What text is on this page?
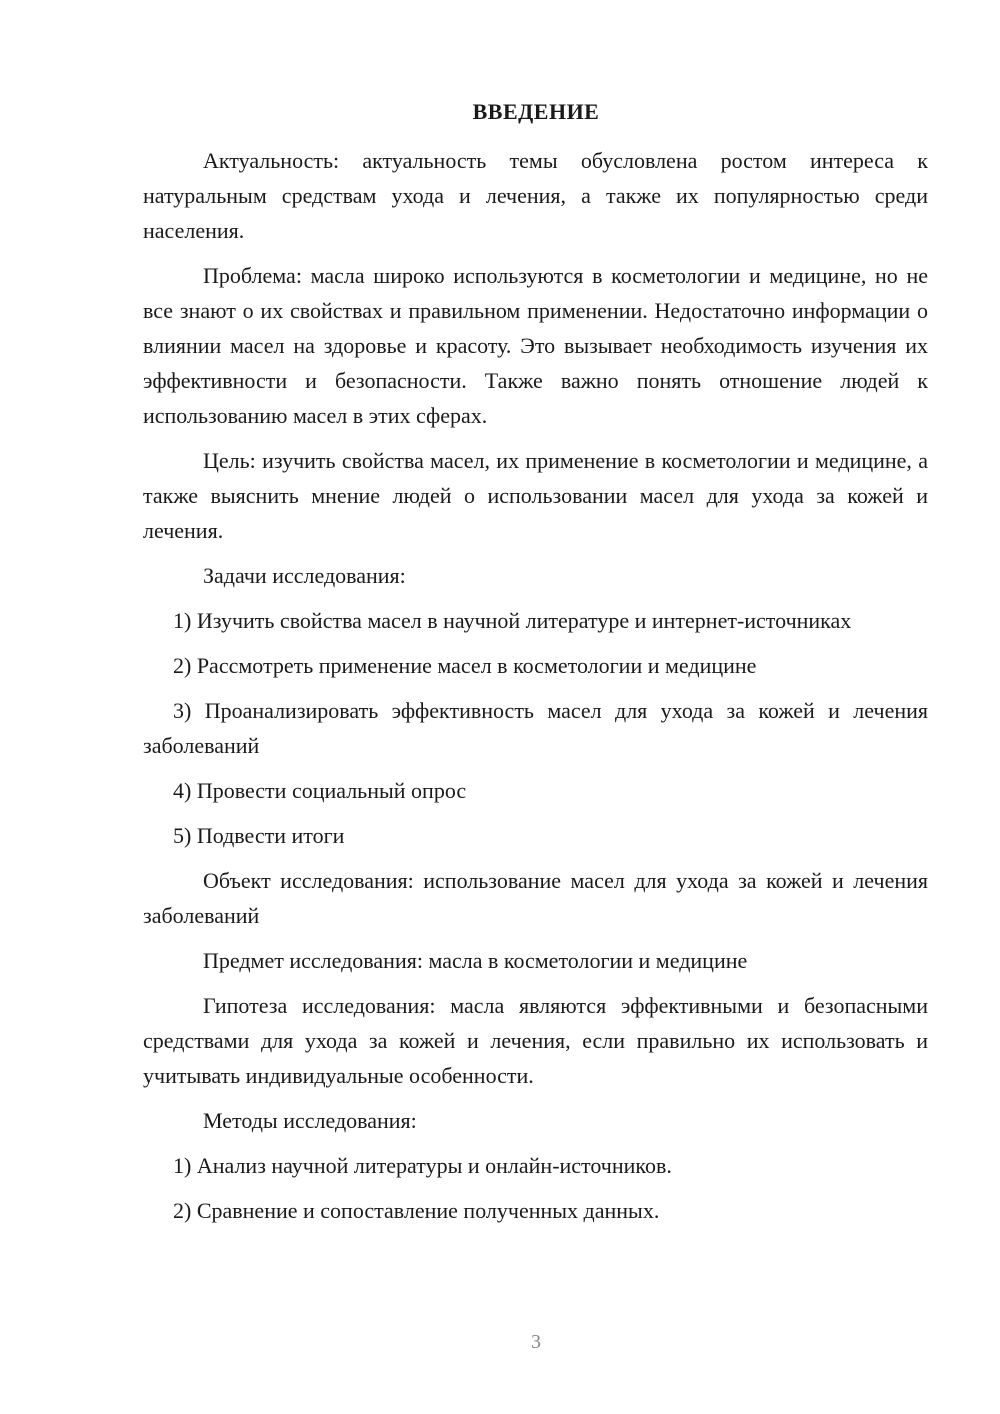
ВВЕДЕНИЕ

Актуальность: актуальность темы обусловлена ростом интереса к натуральным средствам ухода и лечения, а также их популярностью среди населения.

Проблема: масла широко используются в косметологии и медицине, но не все знают о их свойствах и правильном применении. Недостаточно информации о влиянии масел на здоровье и красоту. Это вызывает необходимость изучения их эффективности и безопасности. Также важно понять отношение людей к использованию масел в этих сферах.

Цель: изучить свойства масел, их применение в косметологии и медицине, а также выяснить мнение людей о использовании масел для ухода за кожей и лечения.

Задачи исследования:

1) Изучить свойства масел в научной литературе и интернет-источниках

2) Рассмотреть применение масел в косметологии и медицине

3) Проанализировать эффективность масел для ухода за кожей и лечения заболеваний

4) Провести социальный опрос

5) Подвести итоги

Объект исследования: использование масел для ухода за кожей и лечения заболеваний

Предмет исследования: масла в косметологии и медицине

Гипотеза исследования: масла являются эффективными и безопасными средствами для ухода за кожей и лечения, если правильно их использовать и учитывать индивидуальные особенности.

Методы исследования:

1) Анализ научной литературы и онлайн-источников.

2) Сравнение и сопоставление полученных данных.

3
